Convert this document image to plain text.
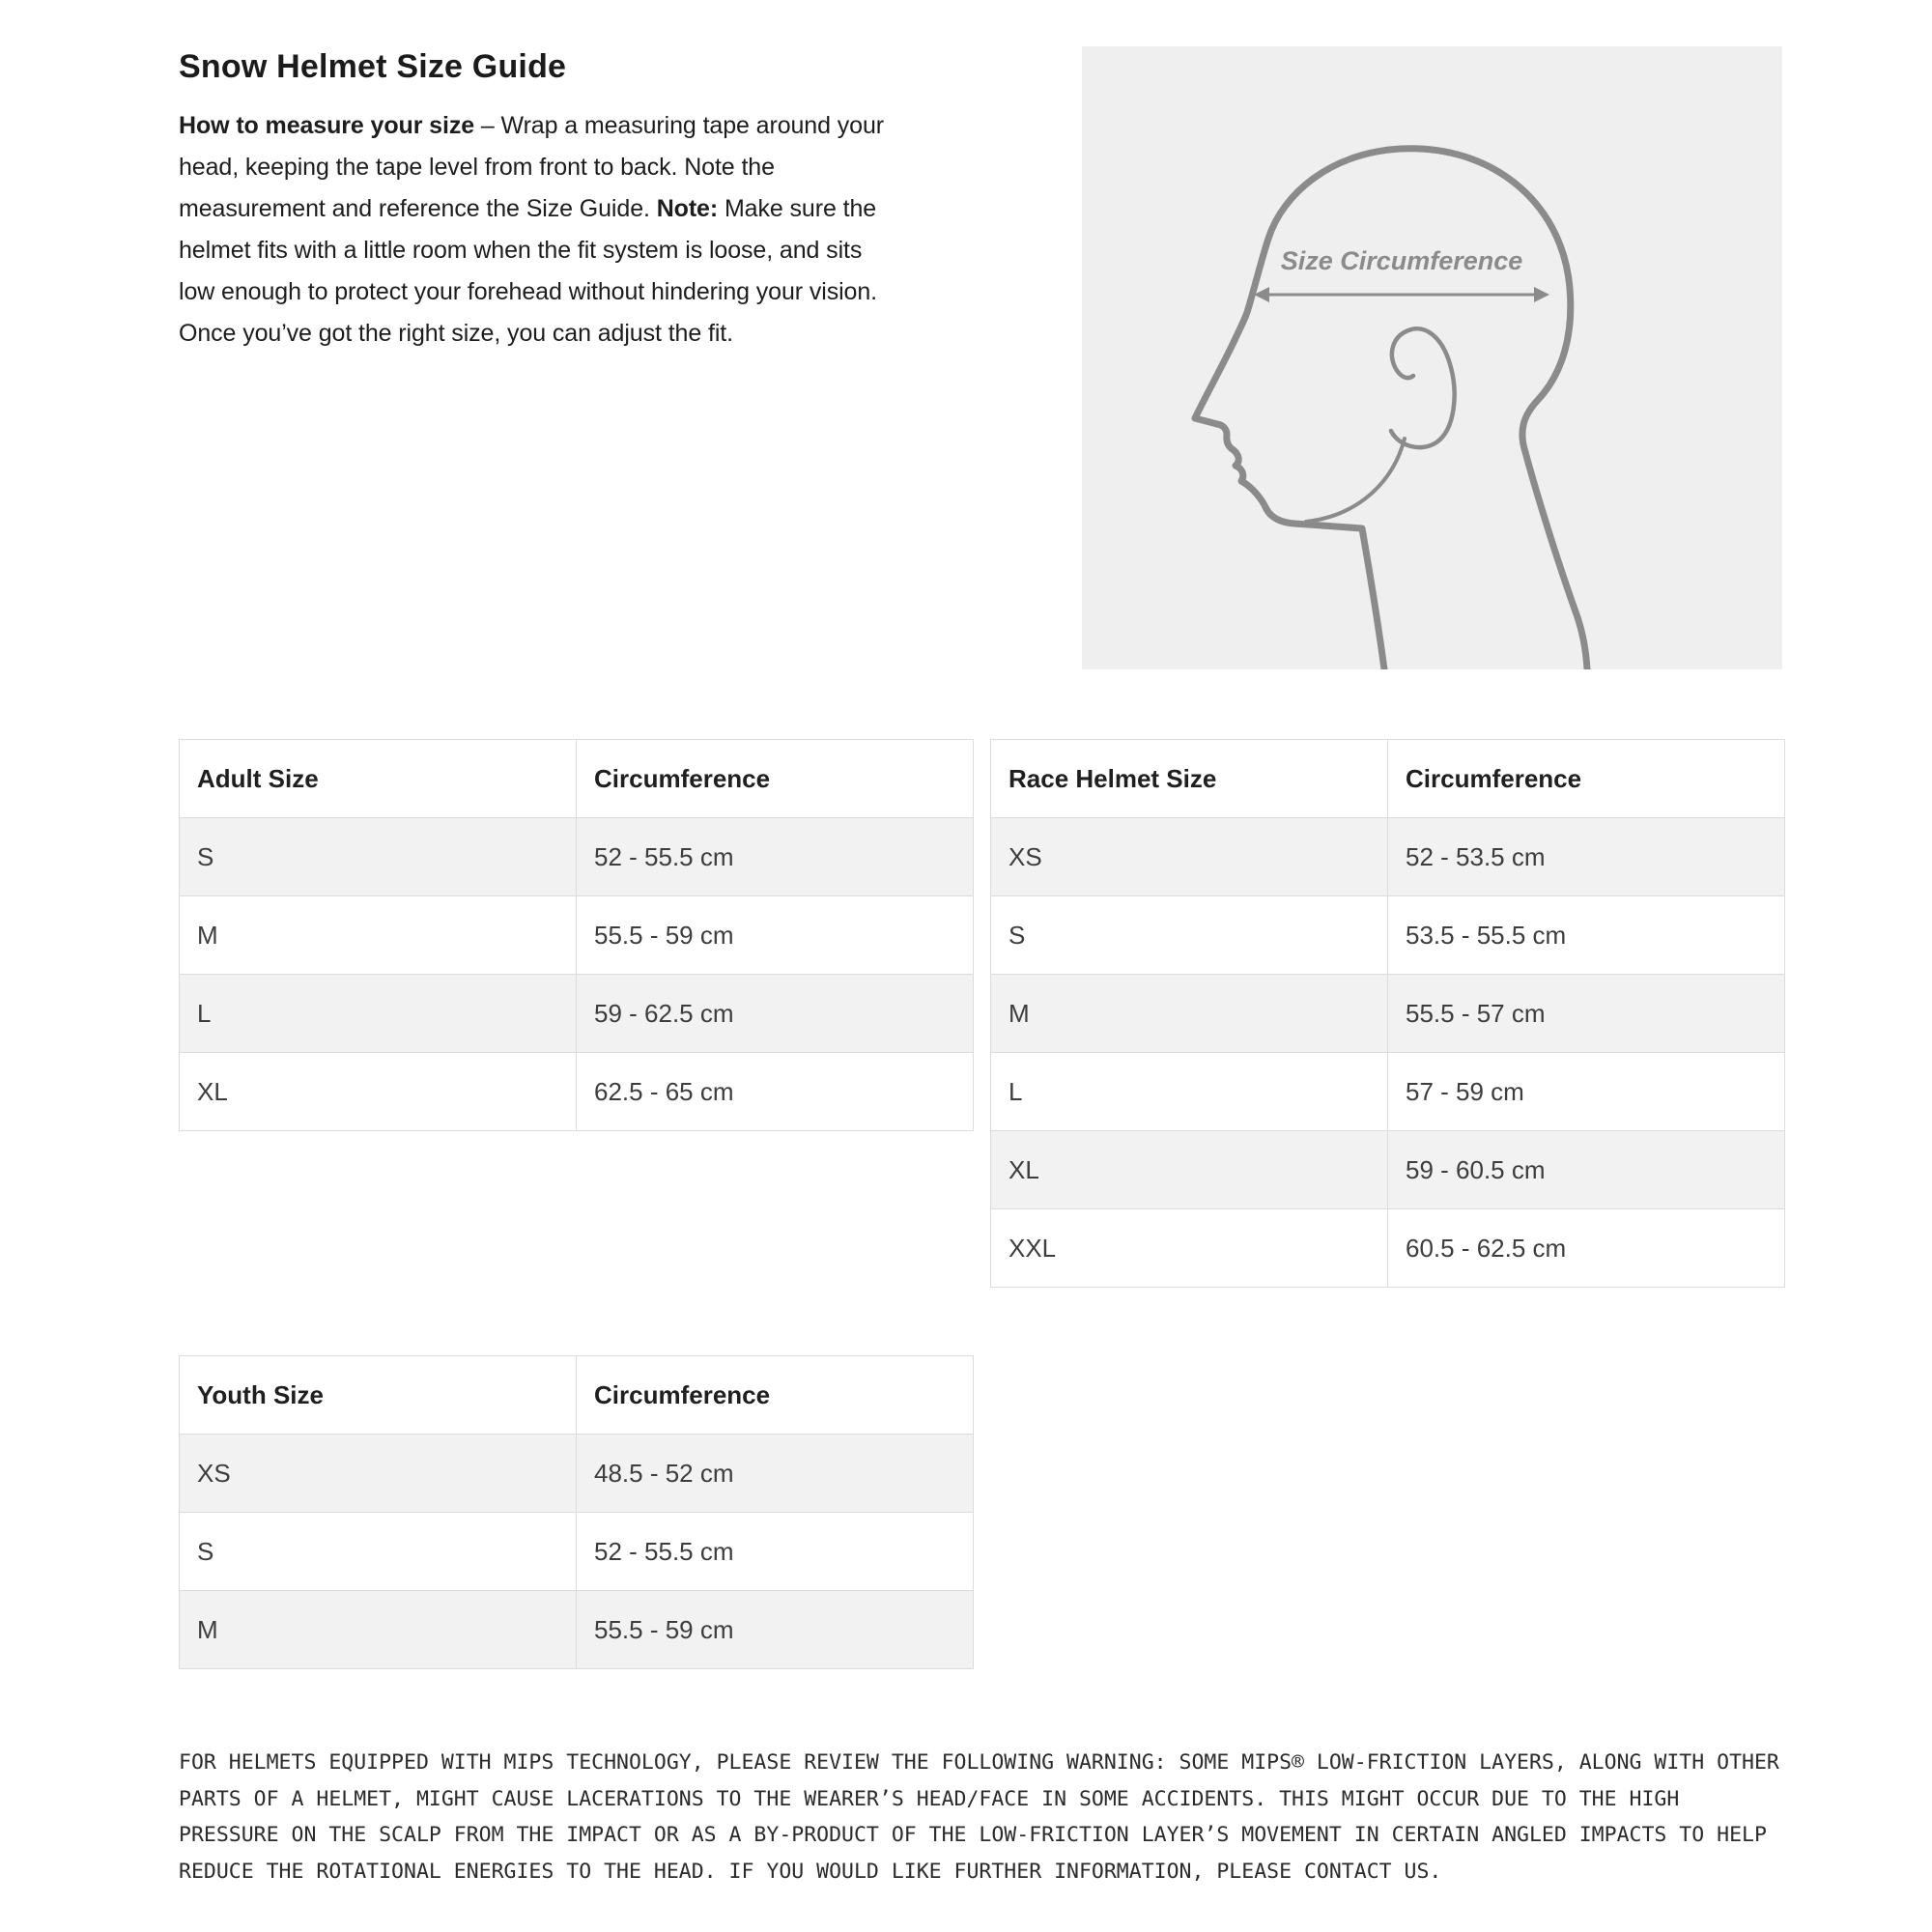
Snow Helmet Size Guide
How to measure your size – Wrap a measuring tape around your
head, keeping the tape level from front to back. Note the
measurement and reference the Size Guide. Note: Make sure the
helmet fits with a little room when the fit system is loose, and sits
low enough to protect your forehead without hindering your vision.
Once you’ve got the right size, you can adjust the fit.
Size Circumference
Adult Size	Circumference
S	52 - 55.5 cm
M	55.5 - 59 cm
L	59 - 62.5 cm
XL	62.5 - 65 cm
Race Helmet Size	Circumference
XS	52 - 53.5 cm
S	53.5 - 55.5 cm
M	55.5 - 57 cm
L	57 - 59 cm
XL	59 - 60.5 cm
XXL	60.5 - 62.5 cm
Youth Size	Circumference
XS	48.5 - 52 cm
S	52 - 55.5 cm
M	55.5 - 59 cm
FOR HELMETS EQUIPPED WITH MIPS TECHNOLOGY, PLEASE REVIEW THE FOLLOWING WARNING: SOME MIPS® LOW-FRICTION LAYERS, ALONG WITH OTHER
PARTS OF A HELMET, MIGHT CAUSE LACERATIONS TO THE WEARER’S HEAD/FACE IN SOME ACCIDENTS. THIS MIGHT OCCUR DUE TO THE HIGH
PRESSURE ON THE SCALP FROM THE IMPACT OR AS A BY-PRODUCT OF THE LOW-FRICTION LAYER’S MOVEMENT IN CERTAIN ANGLED IMPACTS TO HELP
REDUCE THE ROTATIONAL ENERGIES TO THE HEAD. IF YOU WOULD LIKE FURTHER INFORMATION, PLEASE CONTACT US.
